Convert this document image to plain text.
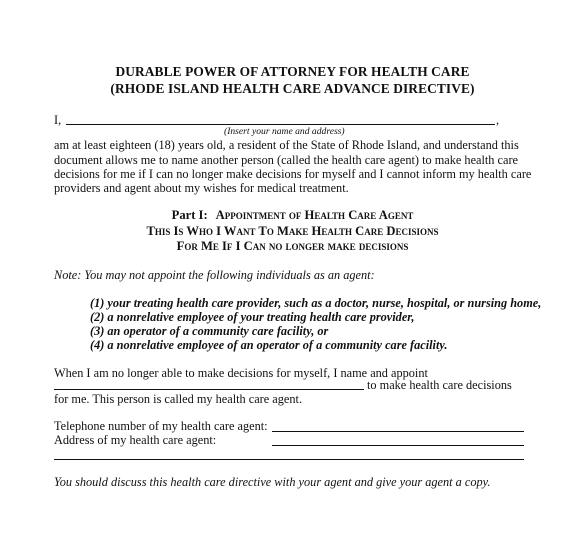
DURABLE POWER OF ATTORNEY FOR HEALTH CARE
(RHODE ISLAND HEALTH CARE ADVANCE DIRECTIVE)
I,	,
(Insert your name and address)
am at least eighteen (18) years old, a resident of the State of Rhode Island, and understand this
document allows me to name another person (called the health care agent) to make health care
decisions for me if I can no longer make decisions for myself and I cannot inform my health care
providers and agent about my wishes for medical treatment.
Part I: Appointment of Health Care Agent
This Is Who I Want To Make Health Care Decisions
For Me If I Can no longer make decisions
Note: You may not appoint the following individuals as an agent:
(1) your treating health care provider, such as a doctor, nurse, hospital, or nursing home,
(2) a nonrelative employee of your treating health care provider,
(3) an operator of a community care facility, or
(4) a nonrelative employee of an operator of a community care facility.
When I am no longer able to make decisions for myself, I name and appoint
to make health care decisions
for me. This person is called my health care agent.
Telephone number of my health care agent:
Address of my health care agent:
You should discuss this health care directive with your agent and give your agent a copy.
